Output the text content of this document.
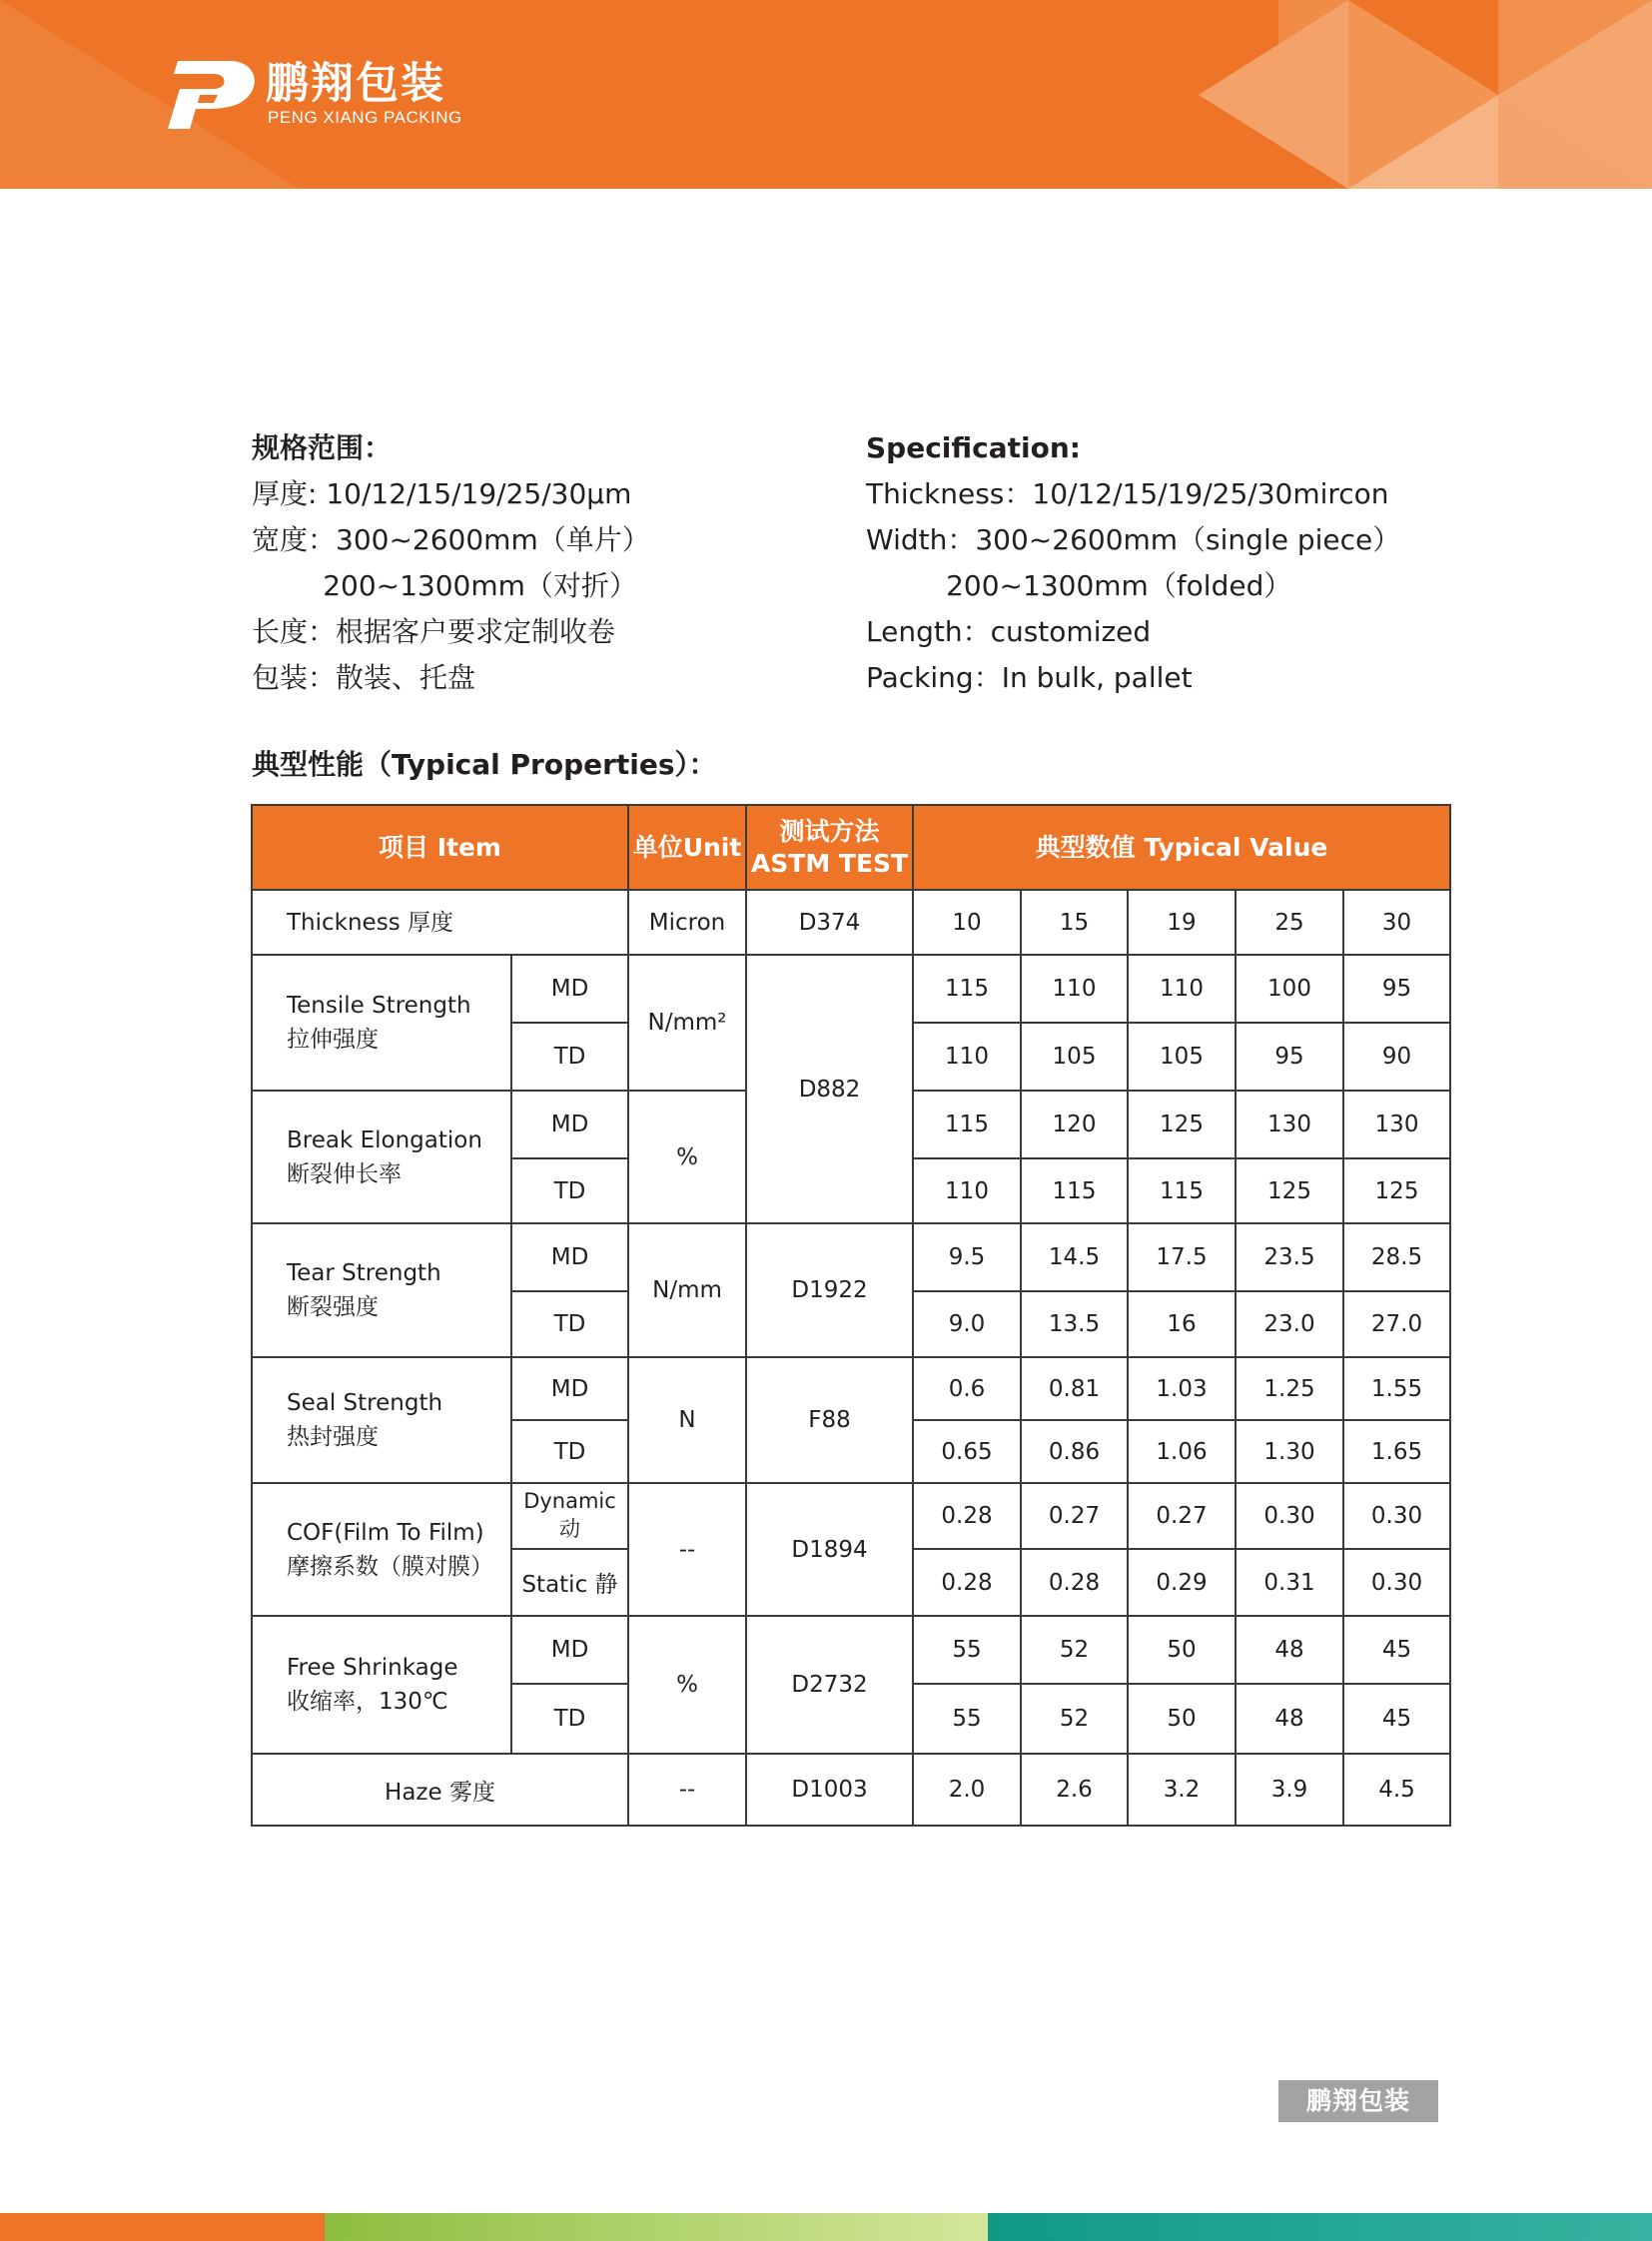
鹏翔包装
PENG XIANG PACKING
规格范围：
厚度: 10/12/15/19/25/30μm
宽度：300~2600mm（单片）
200~1300mm（对折）
长度：根据客户要求定制收卷
包装：散装、托盘
Specification:
Thickness：10/12/15/19/25/30mircon
Width：300~2600mm（single piece）
200~1300mm（folded）
Length：customized
Packing：In bulk, pallet
典型性能（Typical Properties）：
项目 Item		单位Unit	测试方法ASTM TEST	典型数值 Typical Value				
Thickness 厚度		Micron	D374	10	15	19	25	30

Tensile Strength
拉伸强度	MD	N/mm²	D882	115	110	110	100	95
	TD			110	105	105	95	90

Break Elongation
断裂伸长率	MD	%		115	120	125	130	130
	TD			110	115	115	125	125

Tear Strength
断裂强度	MD	N/mm	D1922	9.5	14.5	17.5	23.5	28.5
	TD			9.0	13.5	16	23.0	27.0

Seal Strength
热封强度	MD	N	F88	0.6	0.81	1.03	1.25	1.55
	TD			0.65	0.86	1.06	1.30	1.65

COF(Film To Film)
摩擦系数（膜对膜）	Dynamic 动	--	D1894	0.28	0.27	0.27	0.30	0.30
	Static 静			0.28	0.28	0.29	0.31	0.30

Free Shrinkage
收缩率，130℃	MD	%	D2732	55	52	50	48	45
	TD			55	52	50	48	45
Haze 雾度		--	D1003	2.0	2.6	3.2	3.9	4.5
鹏翔包装
